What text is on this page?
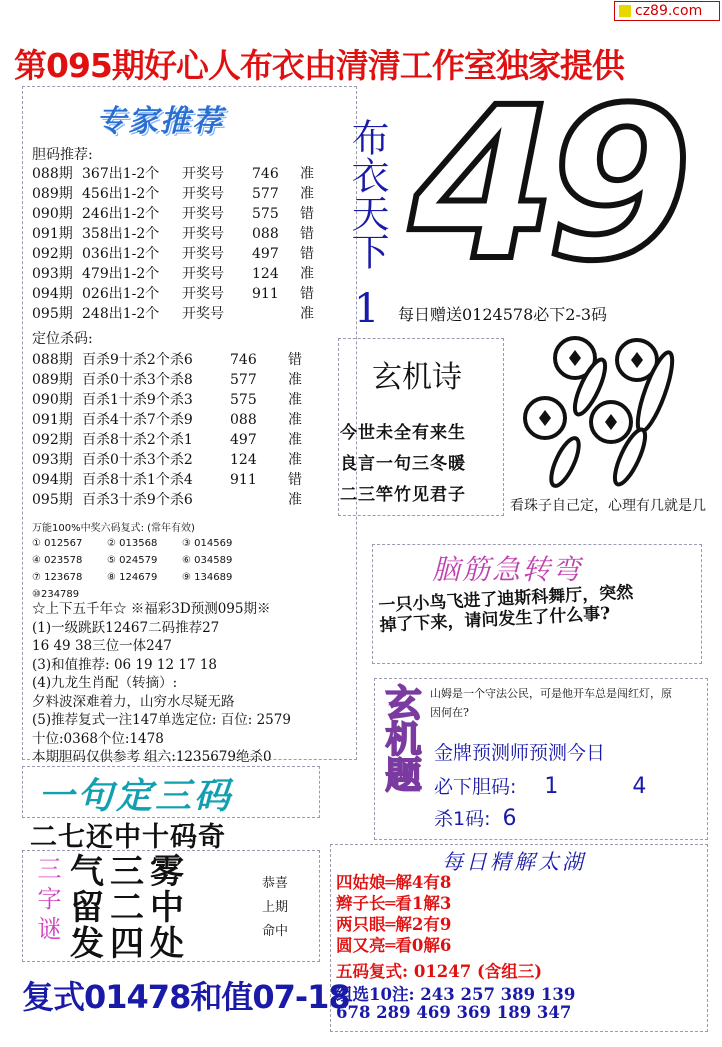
cz89.com
第095期好心人布衣由清清工作室独家提供
专家推荐
胆码推荐:
088期 367出1-2个	开奖号	746	准
089期 456出1-2个	开奖号	577	准
090期 246出1-2个	开奖号	575	错
091期 358出1-2个	开奖号	088	错
092期 036出1-2个	开奖号	497	错
093期 479出1-2个	开奖号	124	准
094期 026出1-2个	开奖号	911	错
095期 248出1-2个	开奖号	准
定位杀码:
088期 百杀9十杀2个杀6	746	错
089期 百杀0十杀3个杀8	577	准
090期 百杀1十杀9个杀3	575	准
091期 百杀4十杀7个杀9	088	准
092期 百杀8十杀2个杀1	497	准
093期 百杀0十杀3个杀2	124	准
094期 百杀8十杀1个杀4	911	错
095期 百杀3十杀9个杀6	准
万能100%中奖六码复式: (常年有效)
① 012567	② 013568	③ 014569
④ 023578	⑤ 024579	⑥ 034589
⑦ 123678	⑧ 124679	⑨ 134689
⑩234789
☆上下五千年☆ ※福彩3D预测095期※
(1)一级跳跃12467二码推荐27
16 49 38三位一体247
(3)和值推荐: 06 19 12 17 18
(4)九龙生肖配（转摘）:
夕料波深难着力，山穷水尽疑无路
(5)推荐复式一注147单选定位: 百位: 2579
十位:0368个位:1478
本期胆码仅供参考 组六:1235679绝杀0
一句定三码
二七还中十码奇
三字谜 气三雾
留二中
发四处
恭喜
上期
命中
复式01478和值07-18
布衣天下
1
49
每日赠送0124578必下2-3码
玄机诗
今世未全有来生
良言一句三冬暖
二三竿竹见君子
看珠子自己定，心理有几就是几
脑筋急转弯
一只小鸟飞进了迪斯科舞厅，突然掉了下来，请问发生了什么事?
玄机题 山姆是一个守法公民，可是他开车总是闯红灯，原因何在?
金牌预测师预测今日
必下胆码: 1	4
杀1码: 6
每日精解太湖
四姑娘═解4有8
辫子长═看1解3
两只眼═解2有9
圆又亮═看0解6
五码复式: 01247 (含组三)
组选10注: 243 257 389 139
678 289 469 369 189 347
